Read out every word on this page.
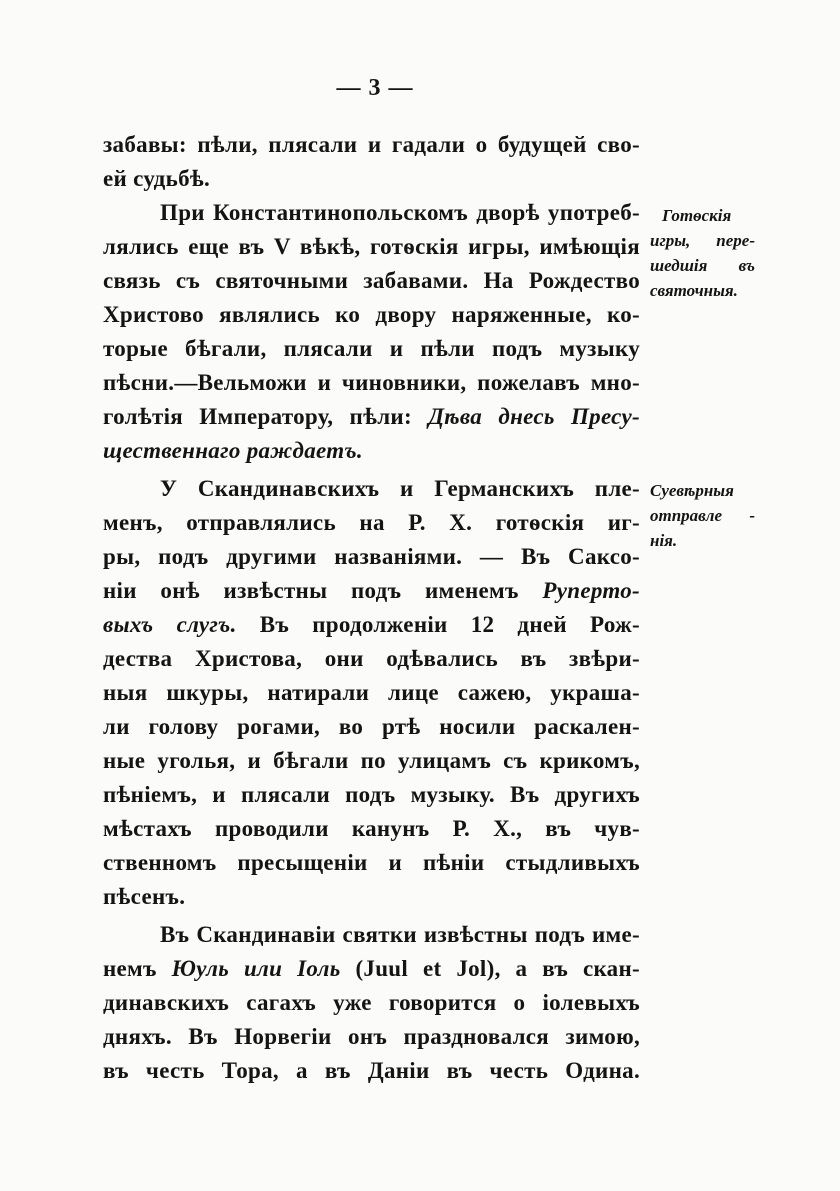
— 3 —
забавы: пѣли, плясали и гадали о будущей сво-
ей судьбѣ.
При Константинопольскомъ дворѣ употреб-
лялись еще въ V вѣкѣ, готѳскія игры, имѣющія
связь съ святочными забавами. На Рождество
Христово являлись ко двору наряженные, ко-
торые бѣгали, плясали и пѣли подъ музыку
пѣсни.—Вельможи и чиновники, пожелавъ мно-
голѣтія Императору, пѣли: Дѣва днесь Пресу-
щественнаго раждаетъ.
У Скандинавскихъ и Германскихъ пле-
менъ, отправлялись на Р. Х. готѳскія иг-
ры, подъ другими названіями. — Въ Саксо-
ніи онѣ извѣстны подъ именемъ Руперто-
выхъ слугъ. Въ продолженіи 12 дней Рож-
дества Христова, они одѣвались въ звѣри-
ныя шкуры, натирали лице сажею, украша-
ли голову рогами, во ртѣ носили раскален-
ные уголья, и бѣгали по улицамъ съ крикомъ,
пѣніемъ, и плясали подъ музыку. Въ другихъ
мѣстахъ проводили канунъ Р. Х., въ чув-
ственномъ пресыщеніи и пѣніи стыдливыхъ
пѣсенъ.
Въ Скандинавіи святки извѣстны подъ име-
немъ Юуль или Іоль (Juul et Jol), а въ скан-
динавскихъ сагахъ уже говорится о іолевыхъ
дняхъ. Въ Норвегіи онъ праздновался зимою,
въ честь Тора, а въ Даніи въ честь Одина.
Готѳскія
игры, пере-
шедшія въ
святочныя.
Суевѣрныя
отправле -
нія.
